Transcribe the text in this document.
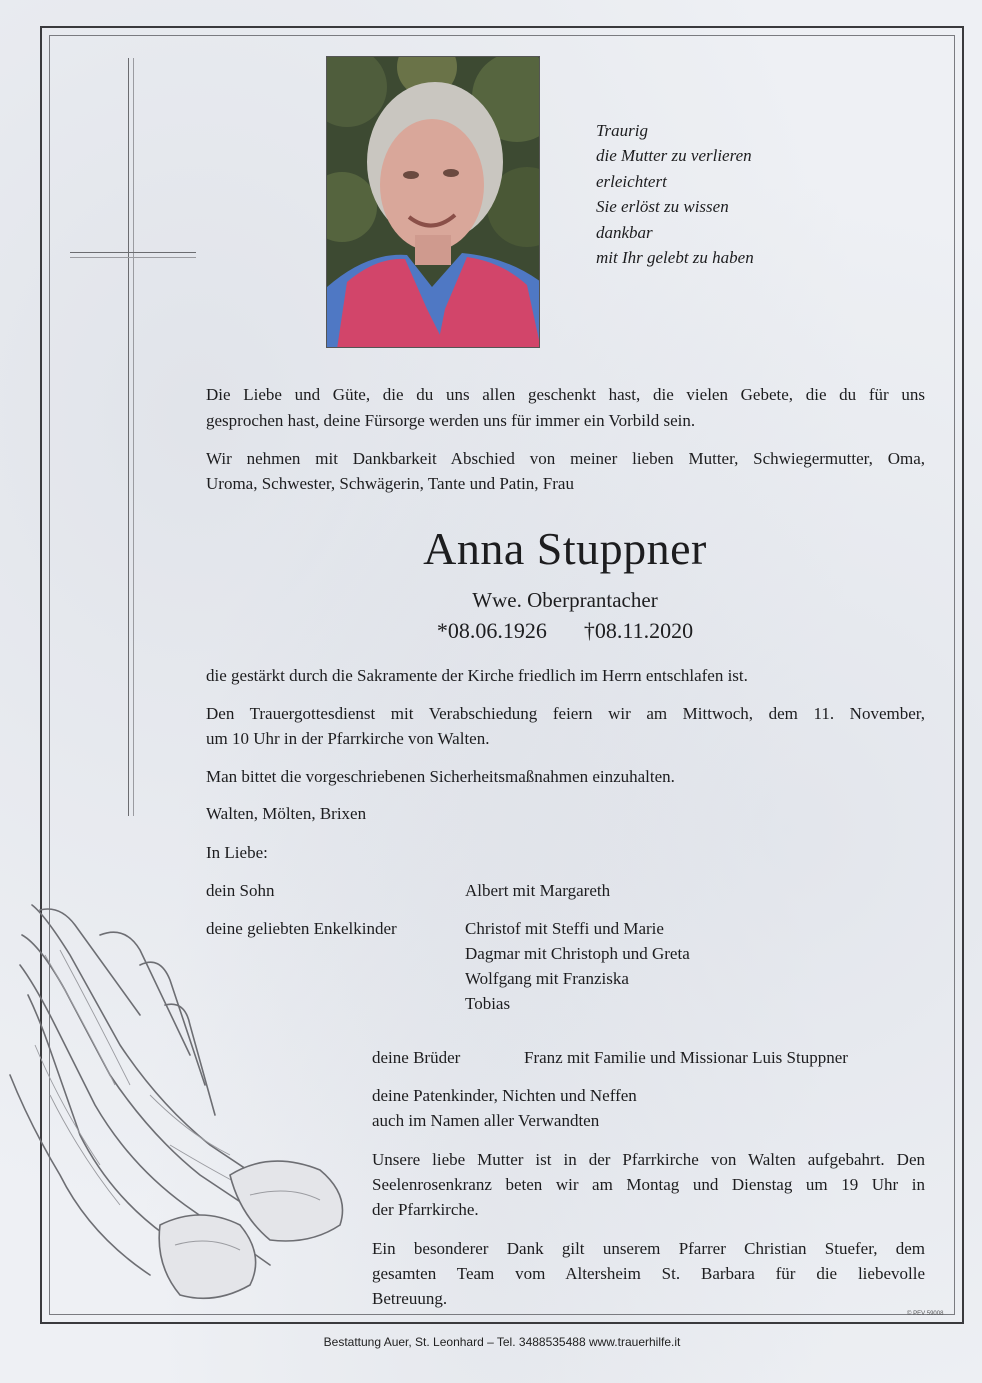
Traurig
die Mutter zu verlieren
erleichtert
Sie erlöst zu wissen
dankbar
mit Ihr gelebt zu haben
Die Liebe und Güte, die du uns allen geschenkt hast, die vielen Gebete, die du für uns
gesprochen hast, deine Fürsorge werden uns für immer ein Vorbild sein.
Wir nehmen mit Dankbarkeit Abschied von meiner lieben Mutter, Schwiegermutter, Oma,
Uroma, Schwester, Schwägerin, Tante und Patin, Frau
Anna Stuppner
Wwe. Oberprantacher
*08.06.1926 †08.11.2020
die gestärkt durch die Sakramente der Kirche friedlich im Herrn entschlafen ist.
Den Trauergottesdienst mit Verabschiedung feiern wir am Mittwoch, dem 11. November,
um 10 Uhr in der Pfarrkirche von Walten.
Man bittet die vorgeschriebenen Sicherheitsmaßnahmen einzuhalten.
Walten, Mölten, Brixen
In Liebe:
dein Sohn	Albert mit Margareth
deine geliebten Enkelkinder	Christof mit Steffi und Marie
Dagmar mit Christoph und Greta
Wolfgang mit Franziska
Tobias
deine Brüder	Franz mit Familie und Missionar Luis Stuppner
deine Patenkinder, Nichten und Neffen
auch im Namen aller Verwandten
Unsere liebe Mutter ist in der Pfarrkirche von Walten aufgebahrt. Den
Seelenrosenkranz beten wir am Montag und Dienstag um 19 Uhr in
der Pfarrkirche.
Ein besonderer Dank gilt unserem Pfarrer Christian Stuefer, dem
gesamten Team vom Altersheim St. Barbara für die liebevolle
Betreuung.
© PEV 59008
Bestattung Auer, St. Leonhard – Tel. 3488535488 www.trauerhilfe.it
